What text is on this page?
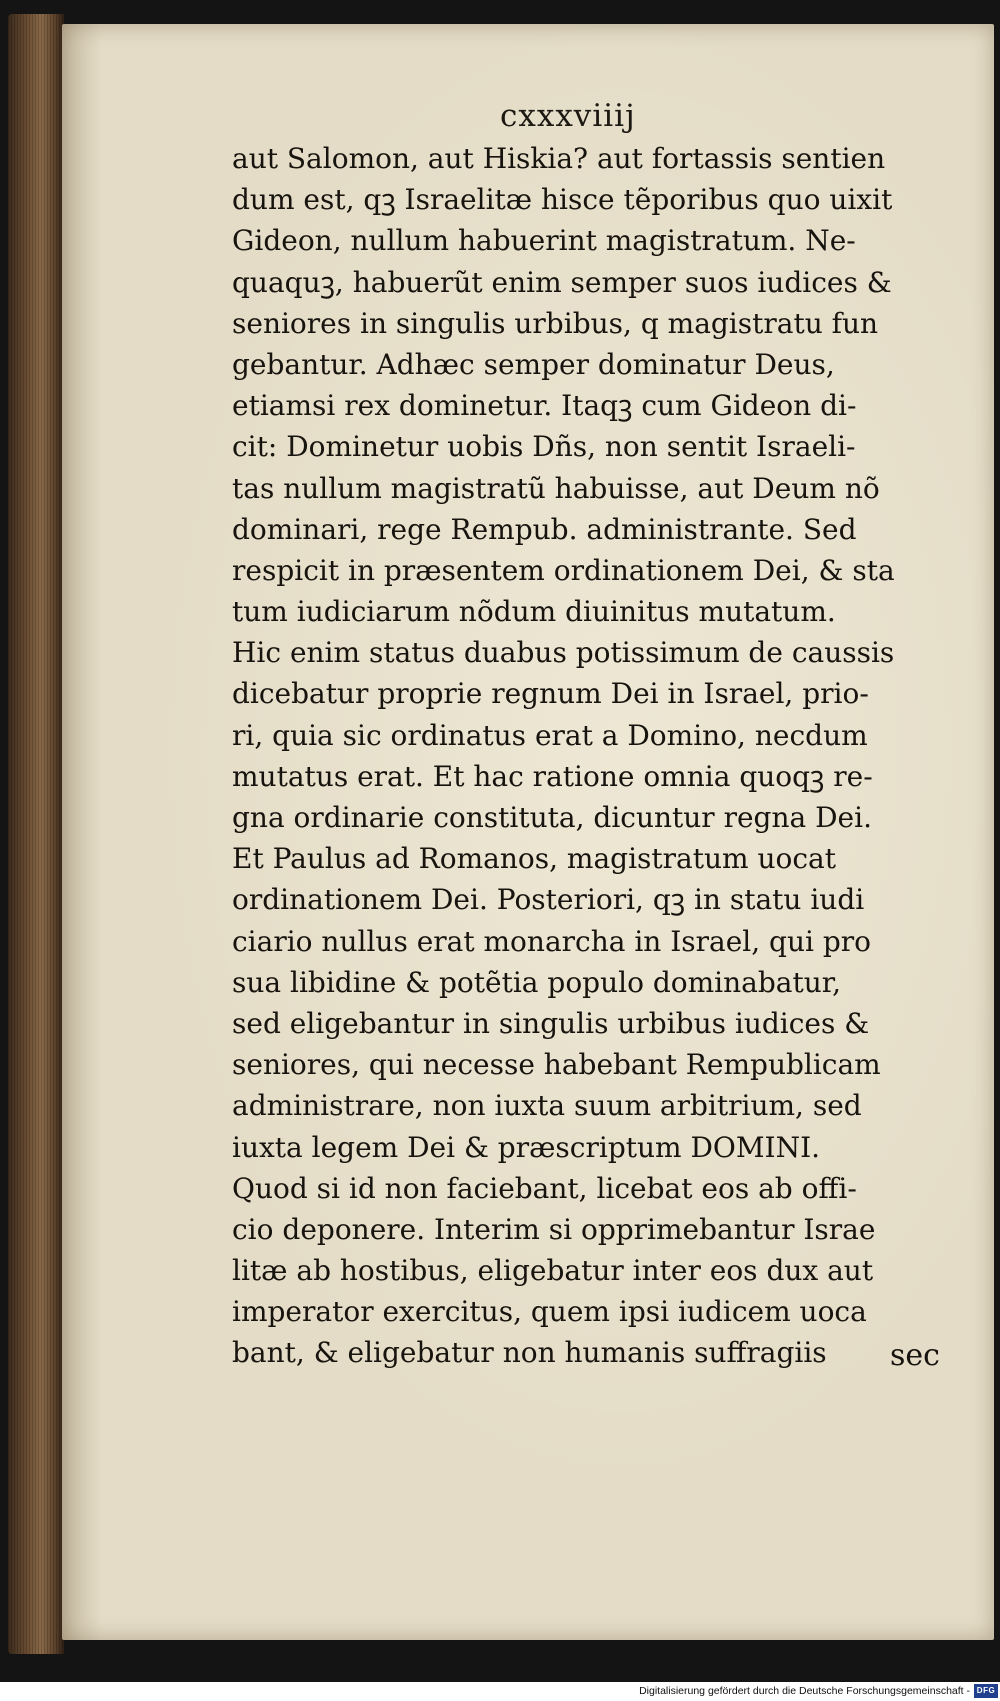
cxxxviiij
aut Salomon, aut Hiskia? aut fortassis sentien
dum est, qꝫ Israelitæ hisce tẽporibus quo uixit
Gideon, nullum habuerint magistratum. Ne-
quaquꝫ, habuerũt enim semper suos iudices &
seniores in singulis urbibus, q magistratu fun
gebantur. Adhæc semper dominatur Deus,
etiamsi rex dominetur. Itaqꝫ cum Gideon di-
cit: Dominetur uobis Dñs, non sentit Israeli-
tas nullum magistratũ habuisse, aut Deum nõ
dominari, rege Rempub. administrante. Sed
respicit in præsentem ordinationem Dei, & sta
tum iudiciarum nõdum diuinitus mutatum.
Hic enim status duabus potissimum de caussis
dicebatur proprie regnum Dei in Israel, prio-
ri, quia sic ordinatus erat a Domino, necdum
mutatus erat. Et hac ratione omnia quoqꝫ re-
gna ordinarie constituta, dicuntur regna Dei.
Et Paulus ad Romanos, magistratum uocat
ordinationem Dei. Posteriori, qꝫ in statu iudi
ciario nullus erat monarcha in Israel, qui pro
sua libidine & potẽtia populo dominabatur,
sed eligebantur in singulis urbibus iudices &
seniores, qui necesse habebant Rempublicam
administrare, non iuxta suum arbitrium, sed
iuxta legem Dei & præscriptum DOMINI.
Quod si id non faciebant, licebat eos ab offi-
cio deponere. Interim si opprimebantur Israe
litæ ab hostibus, eligebatur inter eos dux aut
imperator exercitus, quem ipsi iudicem uoca
bant, & eligebatur non humanis suffragiis	sec
Digitalisierung gefördert durch die Deutsche Forschungsgemeinschaft - DFG
